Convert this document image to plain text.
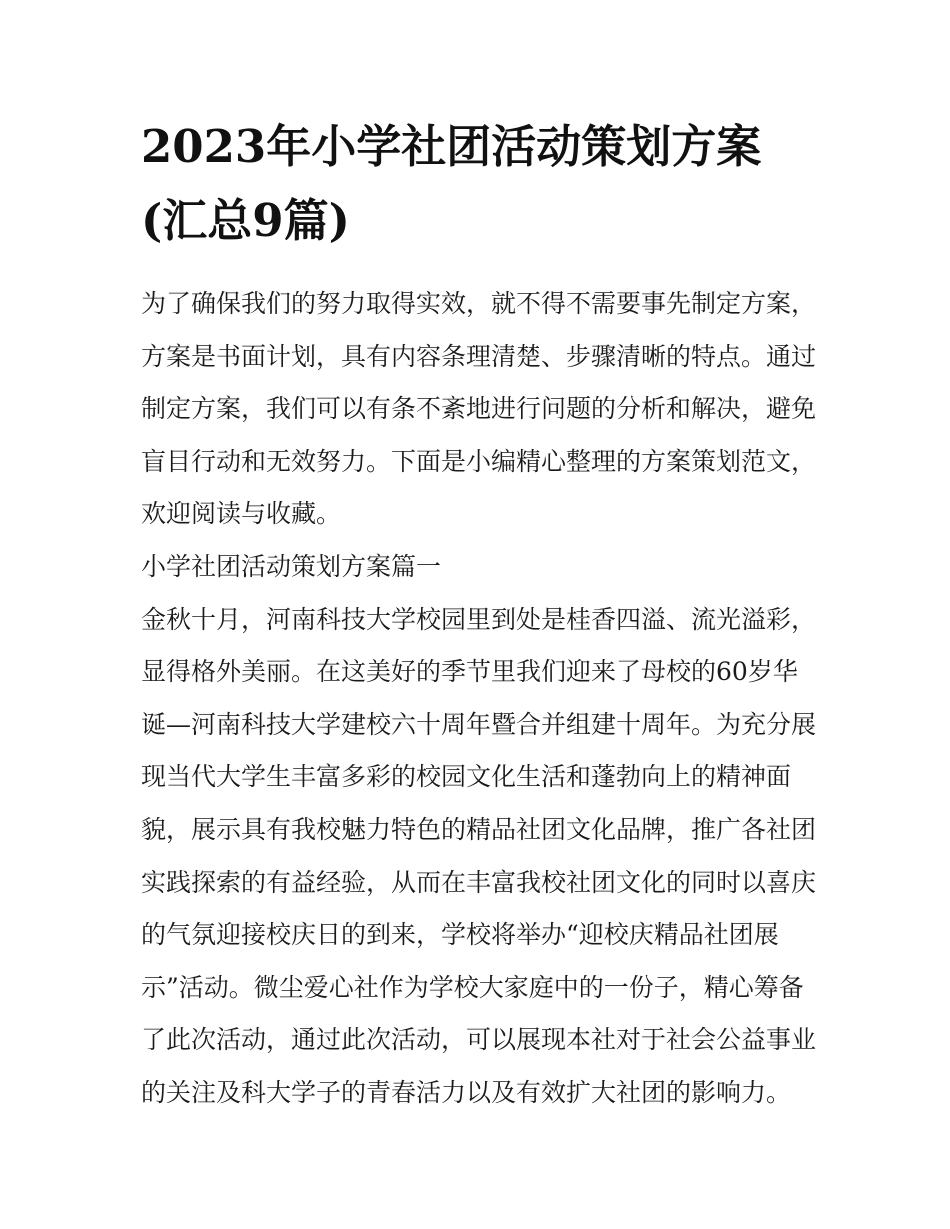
2023年小学社团活动策划方案
(汇总9篇)
为了确保我们的努力取得实效，就不得不需要事先制定方案，
方案是书面计划，具有内容条理清楚、步骤清晰的特点。通过
制定方案，我们可以有条不紊地进行问题的分析和解决，避免
盲目行动和无效努力。下面是小编精心整理的方案策划范文，
欢迎阅读与收藏。
小学社团活动策划方案篇一
金秋十月，河南科技大学校园里到处是桂香四溢、流光溢彩，
显得格外美丽。在这美好的季节里我们迎来了母校的60岁华
诞—河南科技大学建校六十周年暨合并组建十周年。为充分展
现当代大学生丰富多彩的校园文化生活和蓬勃向上的精神面
貌，展示具有我校魅力特色的精品社团文化品牌，推广各社团
实践探索的有益经验，从而在丰富我校社团文化的同时以喜庆
的气氛迎接校庆日的到来，学校将举办“迎校庆精品社团展
示”活动。微尘爱心社作为学校大家庭中的一份子，精心筹备
了此次活动，通过此次活动，可以展现本社对于社会公益事业
的关注及科大学子的青春活力以及有效扩大社团的影响力。
